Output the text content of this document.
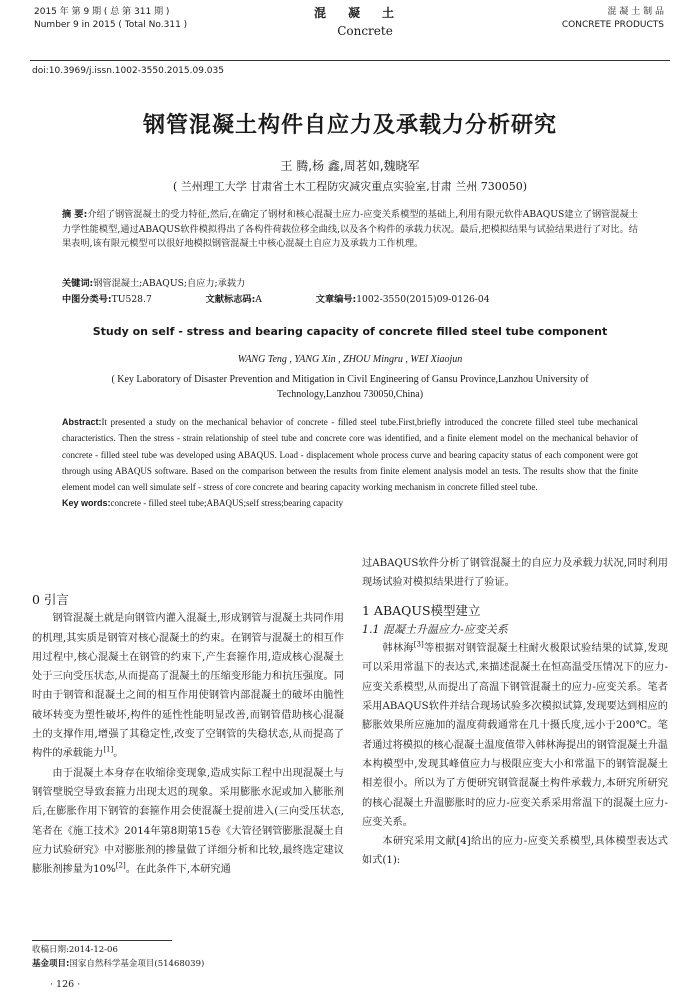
2015 年 第 9 期 ( 总 第 311 期 )
Number 9 in 2015 ( Total No.311 )
混凝土
Concrete
混 凝 土 制 品
CONCRETE PRODUCTS
doi:10.3969/j.issn.1002-3550.2015.09.035
钢管混凝土构件自应力及承载力分析研究
王 腾,杨 鑫,周茗如,魏晓军
( 兰州理工大学 甘肃省土木工程防灾减灾重点实验室,甘肃 兰州 730050)
摘 要:介绍了钢管混凝土的受力特征,然后,在确定了钢材和核心混凝土应力-应变关系模型的基础上,利用有限元软件ABAQUS建立了钢管混凝土力学性能模型,通过ABAQUS软件模拟得出了各构件荷载位移全曲线,以及各个构件的承载力状况。最后,把模拟结果与试验结果进行了对比。结果表明,该有限元模型可以很好地模拟钢管混凝土中核心混凝土自应力及承载力工作机理。
关键词:钢管混凝土;ABAQUS;自应力;承载力
中图分类号:TU528.7	文献标志码:A	文章编号:1002-3550(2015)09-0126-04
Study on self - stress and bearing capacity of concrete filled steel tube component
WANG Teng , YANG Xin , ZHOU Mingru , WEI Xiaojun
( Key Laboratory of Disaster Prevention and Mitigation in Civil Engineering of Gansu Province,Lanzhou University of Technology,Lanzhou 730050,China)
Abstract:It presented a study on the mechanical behavior of concrete - filled steel tube.First,briefly introduced the concrete filled steel tube mechanical characteristics. Then the stress - strain relationship of steel tube and concrete core was identified, and a finite element model on the mechanical behavior of concrete - filled steel tube was developed using ABAQUS. Load - displacement whole process curve and bearing capacity status of each component were got through using ABAQUS software. Based on the comparison between the results from finite element analysis model an tests. The results show that the finite element model can well simulate self - stress of core concrete and bearing capacity working mechanism in concrete filled steel tube.
Key words:concrete - filled steel tube;ABAQUS;self stress;bearing capacity

0 引言

钢管混凝土就是向钢管内灌入混凝土,形成钢管与混凝土共同作用的机理,其实质是钢管对核心混凝土的约束。在钢管与混凝土的相互作用过程中,核心混凝土在钢管的约束下,产生套箍作用,造成核心混凝土处于三向受压状态,从而提高了混凝土的压缩变形能力和抗压强度。同时由于钢管和混凝土之间的相互作用使钢管内部混凝土的破坏由脆性破坏转变为塑性破坏,构件的延性性能明显改善,而钢管借助核心混凝土的支撑作用,增强了其稳定性,改变了空钢管的失稳状态,从而提高了构件的承载能力[1]。

由于混凝土本身存在收缩徐变现象,造成实际工程中出现混凝土与钢管壁脱空导致套箍力出现太迟的现象。采用膨胀水泥或加入膨胀剂后,在膨胀作用下钢管的套箍作用会使混凝土提前进入(三向受压状态,笔者在《施工技术》2014年第8期第15卷《大管径钢管膨胀混凝土自应力试验研究》中对膨胀剂的掺量做了详细分析和比较,最终选定建议膨胀剂掺量为10%[2]。在此条件下,本研究通

过ABAQUS软件分析了钢管混凝土的自应力及承载力状况,同时利用现场试验对模拟结果进行了验证。

1 ABAQUS模型建立

1.1 混凝土升温应力-应变关系

韩林海[3]等根据对钢管混凝土柱耐火极限试验结果的试算,发现可以采用常温下的表达式,来描述混凝土在恒高温受压情况下的应力-应变关系模型,从而提出了高温下钢管混凝土的应力-应变关系。笔者采用ABAQUS软件并结合现场试验多次模拟试算,发现要达到相应的膨胀效果所应施加的温度荷载通常在几十摄氏度,远小于200℃。笔者通过将模拟的核心混凝土温度值带入韩林海提出的钢管混凝土升温本构模型中,发现其峰值应力与极限应变大小和常温下的钢管混凝土相差很小。所以为了方便研究钢管混凝土构件承载力,本研究所研究的核心混凝土升温膨胀时的应力-应变关系采用常温下的混凝土应力-应变关系。

本研究采用文献[4]给出的应力-应变关系模型,具体模型表达式如式(1):

收稿日期:2014-12-06
基金项目:国家自然科学基金项目(51468039)
· 126 ·
